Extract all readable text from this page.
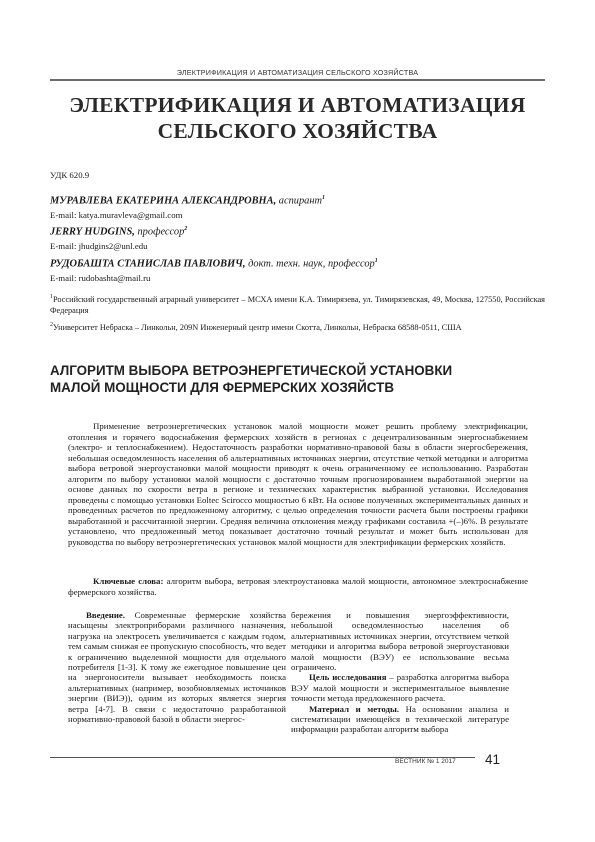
ЭЛЕКТРИФИКАЦИЯ И АВТОМАТИЗАЦИЯ СЕЛЬСКОГО ХОЗЯЙСТВА
ЭЛЕКТРИФИКАЦИЯ И АВТОМАТИЗАЦИЯ
СЕЛЬСКОГО ХОЗЯЙСТВА
УДК 620.9
МУРАВЛЕВА ЕКАТЕРИНА АЛЕКСАНДРОВНА, аспирант$^1$
E-mail: katya.muravleva@gmail.com
JERRY HUDGINS, профессор$^2$
E-mail: jhudgins2@unl.edu
РУДОБАШТА СТАНИСЛАВ ПАВЛОВИЧ, докт. техн. наук, профессор$^1$
E-mail: rudobashta@mail.ru
$^1$Российский государственный аграрный университет – МСХА имени К.А. Тимирязева, ул. Тимирязевская, 49, Москва, 127550, Российская Федерация
$^2$Университет Небраска – Линкольн, 209N Инженерный центр имени Скотта, Линкольн, Небраска 68588-0511, США
АЛГОРИТМ ВЫБОРА ВЕТРОЭНЕРГЕТИЧЕСКОЙ УСТАНОВКИ
МАЛОЙ МОЩНОСТИ ДЛЯ ФЕРМЕРСКИХ ХОЗЯЙСТВ

Применение ветроэнергетических установок малой мощности может решить проблему электрификации, отопления и горячего водоснабжения фермерских хозяйств в регионах с децентрализованным энергоснабжением (электро- и теплоснабжением). Недостаточность разработки нормативно-правовой базы в области энергосбережения, небольшая осведомленность населения об альтернативных источниках энергии, отсутствие четкой методики и алгоритма выбора ветровой энергоустановки малой мощности приводят к очень ограниченному ее использованию. Разработан алгоритм по выбору установки малой мощности с достаточно точным прогнозированием выработанной энергии на основе данных по скорости ветра в регионе и технических характеристик выбранной установки. Исследования проведены с помощью установки Eoltec Scirocco мощностью 6 кВт. На основе полученных экспериментальных данных и проведенных расчетов по предложенному алгоритму, с целью определения точности расчета были построены графики выработанной и рассчитанной энергии. Средняя величина отклонения между графиками составила +(–)6%. В результате установлено, что предложенный метод показывает достаточно точный результат и может быть использован для руководства по выбору ветроэнергетических установок малой мощности для электрификации фермерских хозяйств.

Ключевые слова: алгоритм выбора, ветровая электроустановка малой мощности, автономное электроснабжение фермерского хозяйства.

Введение. Современные фермерские хозяйства насыщены электроприборами различного назначения, нагрузка на электросеть увеличивается с каждым годом, тем самым снижая ее пропускную способность, что ведет к ограничению выделенной мощности для отдельного потребителя [1-3]. К тому же ежегодное повышение цен на энергоносители вызывает необходимость поиска альтернативных (например, возобновляемых источников энергии (ВИЭ)), одним из которых является энергия ветра [4-7]. В связи с недостаточно разработанной нормативно-правовой базой в области энергос-

бережения и повышения энергоэффективности, небольшой осведомленностью населения об альтернативных источниках энергии, отсутствием четкой методики и алгоритма выбора ветровой энергоустановки малой мощности (ВЭУ) ее использование весьма ограничено.

Цель исследования – разработка алгоритма выбора ВЭУ малой мощности и экспериментальное выявление точности метода предложенного расчета.

Материал и методы. На основании анализа и систематизации имеющейся в технической литературе информации разработан алгоритм выбора

ВЕСТНИК № 1 2017 41
